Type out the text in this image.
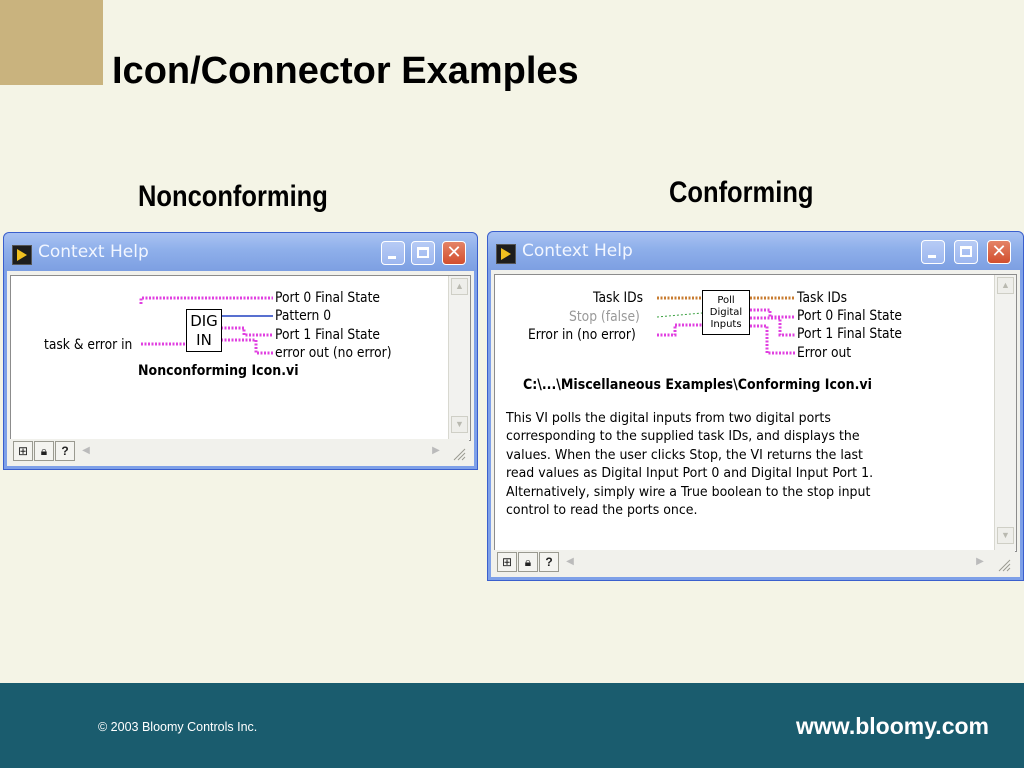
Icon/Connector Examples
Nonconforming	Conforming
Context Help	✕
DIG
IN
task & error in
Port 0 Final State
Pattern 0
Port 1 Final State
error out (no error)
Nonconforming Icon.vi
▲
▼
⊞	🔒︎	?	◀	▶
Context Help	✕
Poll
Digital
Inputs
Task IDs
Stop (false)
Error in (no error)
Task IDs
Port 0 Final State
Port 1 Final State
Error out
C:\...\Miscellaneous Examples\Conforming Icon.vi
This VI polls the digital inputs from two digital ports
corresponding to the supplied task IDs, and displays the
values. When the user clicks Stop, the VI returns the last
read values as Digital Input Port 0 and Digital Input Port 1.
Alternatively, simply wire a True boolean to the stop input
control to read the ports once.
▲
▼
⊞	🔒︎	?	◀	▶
© 2003 Bloomy Controls Inc.	www.bloomy.com
